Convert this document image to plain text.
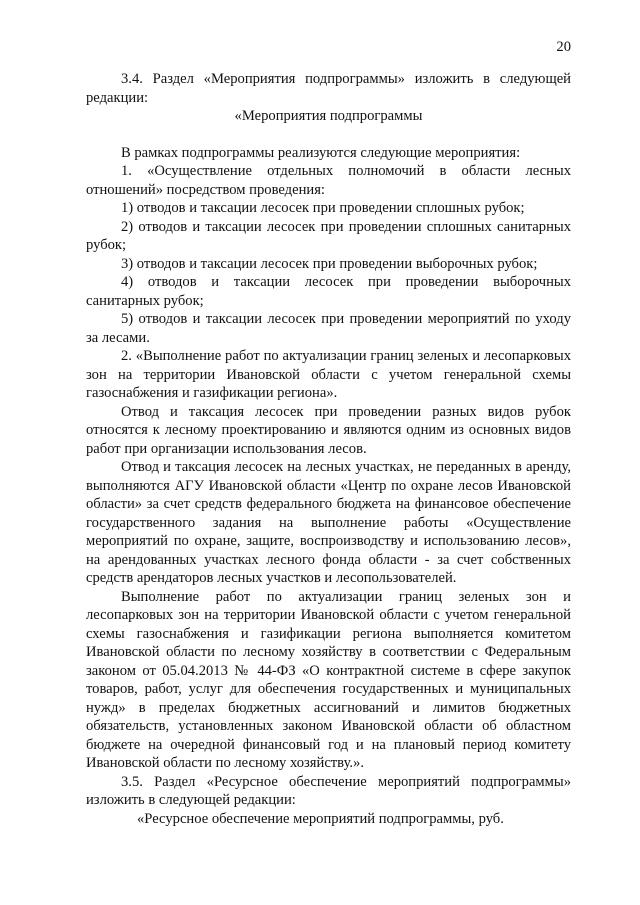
20

3.4. Раздел «Мероприятия подпрограммы» изложить в следующей редакции:

«Мероприятия подпрограммы

В рамках подпрограммы реализуются следующие мероприятия:

1. «Осуществление отдельных полномочий в области лесных отношений» посредством проведения:

1) отводов и таксации лесосек при проведении сплошных рубок;

2) отводов и таксации лесосек при проведении сплошных санитарных рубок;

3) отводов и таксации лесосек при проведении выборочных рубок;

4) отводов и таксации лесосек при проведении выборочных санитарных рубок;

5) отводов и таксации лесосек при проведении мероприятий по уходу за лесами.

2. «Выполнение работ по актуализации границ зеленых и лесопарковых зон на территории Ивановской области с учетом генеральной схемы газоснабжения и газификации региона».

Отвод и таксация лесосек при проведении разных видов рубок относятся к лесному проектированию и являются одним из основных видов работ при организации использования лесов.

Отвод и таксация лесосек на лесных участках, не переданных в аренду, выполняются АГУ Ивановской области «Центр по охране лесов Ивановской области» за счет средств федерального бюджета на финансовое обеспечение государственного задания на выполнение работы «Осуществление мероприятий по охране, защите, воспроизводству и использованию лесов», на арендованных участках лесного фонда области - за счет собственных средств арендаторов лесных участков и лесопользователей.

Выполнение работ по актуализации границ зеленых зон и лесопарковых зон на территории Ивановской области с учетом генеральной схемы газоснабжения и газификации региона выполняется комитетом Ивановской области по лесному хозяйству в соответствии с Федеральным законом от 05.04.2013 № 44-ФЗ «О контрактной системе в сфере закупок товаров, работ, услуг для обеспечения государственных и муниципальных нужд» в пределах бюджетных ассигнований и лимитов бюджетных обязательств, установленных законом Ивановской области об областном бюджете на очередной финансовый год и на плановый период комитету Ивановской области по лесному хозяйству.».

3.5. Раздел «Ресурсное обеспечение мероприятий подпрограммы» изложить в следующей редакции:

«Ресурсное обеспечение мероприятий подпрограммы, руб.
